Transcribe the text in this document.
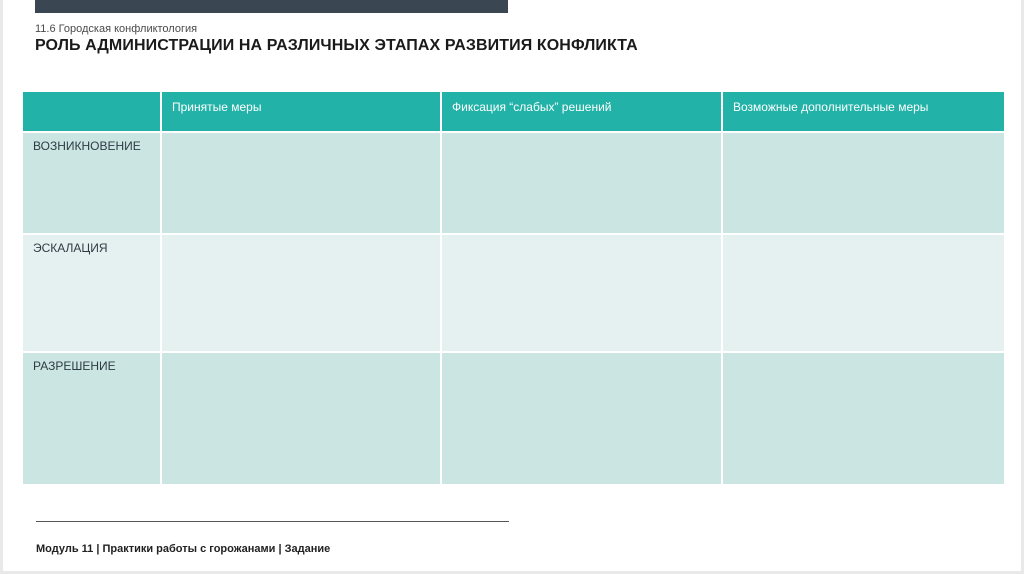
11.6 Городская конфликтология
РОЛЬ АДМИНИСТРАЦИИ НА РАЗЛИЧНЫХ ЭТАПАХ РАЗВИТИЯ КОНФЛИКТА
Принятые меры	Фиксация “слабых” решений	Возможные дополнительные меры
ВОЗНИКНОВЕНИЕ
ЭСКАЛАЦИЯ
РАЗРЕШЕНИЕ
Модуль 11 | Практики работы с горожанами | Задание
